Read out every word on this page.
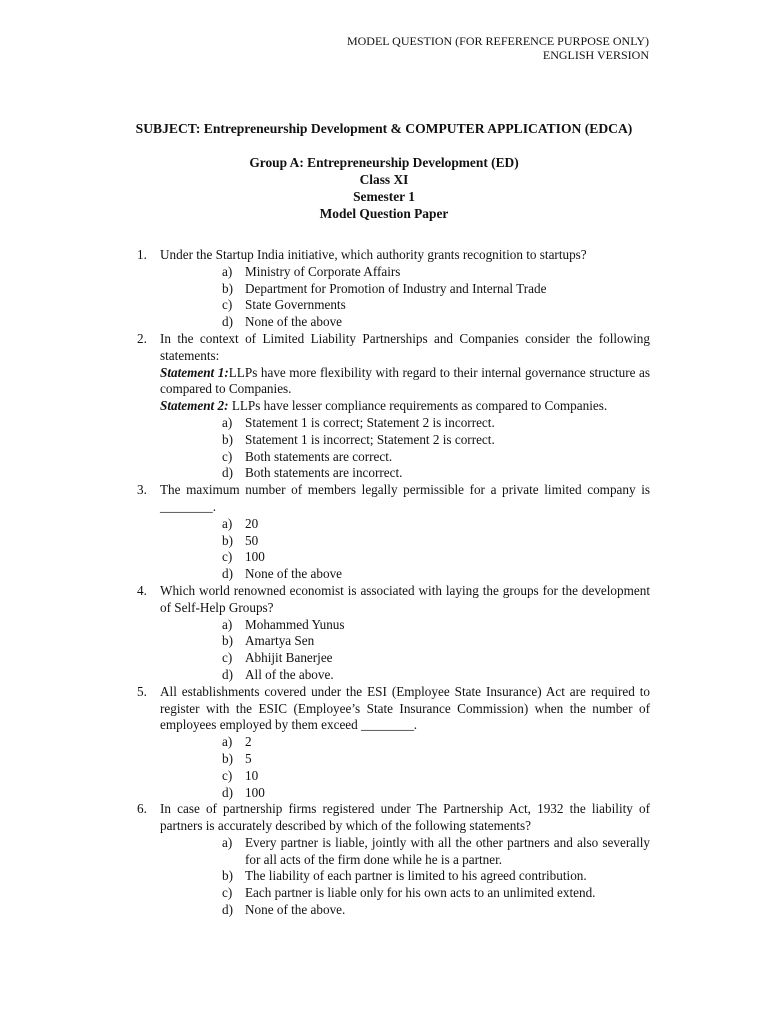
MODEL QUESTION (FOR REFERENCE PURPOSE ONLY)
ENGLISH VERSION
SUBJECT: Entrepreneurship Development & COMPUTER APPLICATION (EDCA)
Group A: Entrepreneurship Development (ED)
Class XI
Semester 1
Model Question Paper
1. Under the Startup India initiative, which authority grants recognition to startups?
a) Ministry of Corporate Affairs
b) Department for Promotion of Industry and Internal Trade
c) State Governments
d) None of the above
2. In the context of Limited Liability Partnerships and Companies consider the following statements:
Statement 1:LLPs have more flexibility with regard to their internal governance structure as compared to Companies.
Statement 2: LLPs have lesser compliance requirements as compared to Companies.
a) Statement 1 is correct; Statement 2 is incorrect.
b) Statement 1 is incorrect; Statement 2 is correct.
c) Both statements are correct.
d) Both statements are incorrect.
3. The maximum number of members legally permissible for a private limited company is ________.
a) 20
b) 50
c) 100
d) None of the above
4. Which world renowned economist is associated with laying the groups for the development of Self-Help Groups?
a) Mohammed Yunus
b) Amartya Sen
c) Abhijit Banerjee
d) All of the above.
5. All establishments covered under the ESI (Employee State Insurance) Act are required to register with the ESIC (Employee’s State Insurance Commission) when the number of employees employed by them exceed ________.
a) 2
b) 5
c) 10
d) 100
6. In case of partnership firms registered under The Partnership Act, 1932 the liability of partners is accurately described by which of the following statements?
a) Every partner is liable, jointly with all the other partners and also severally for all acts of the firm done while he is a partner.
b) The liability of each partner is limited to his agreed contribution.
c) Each partner is liable only for his own acts to an unlimited extend.
d) None of the above.
